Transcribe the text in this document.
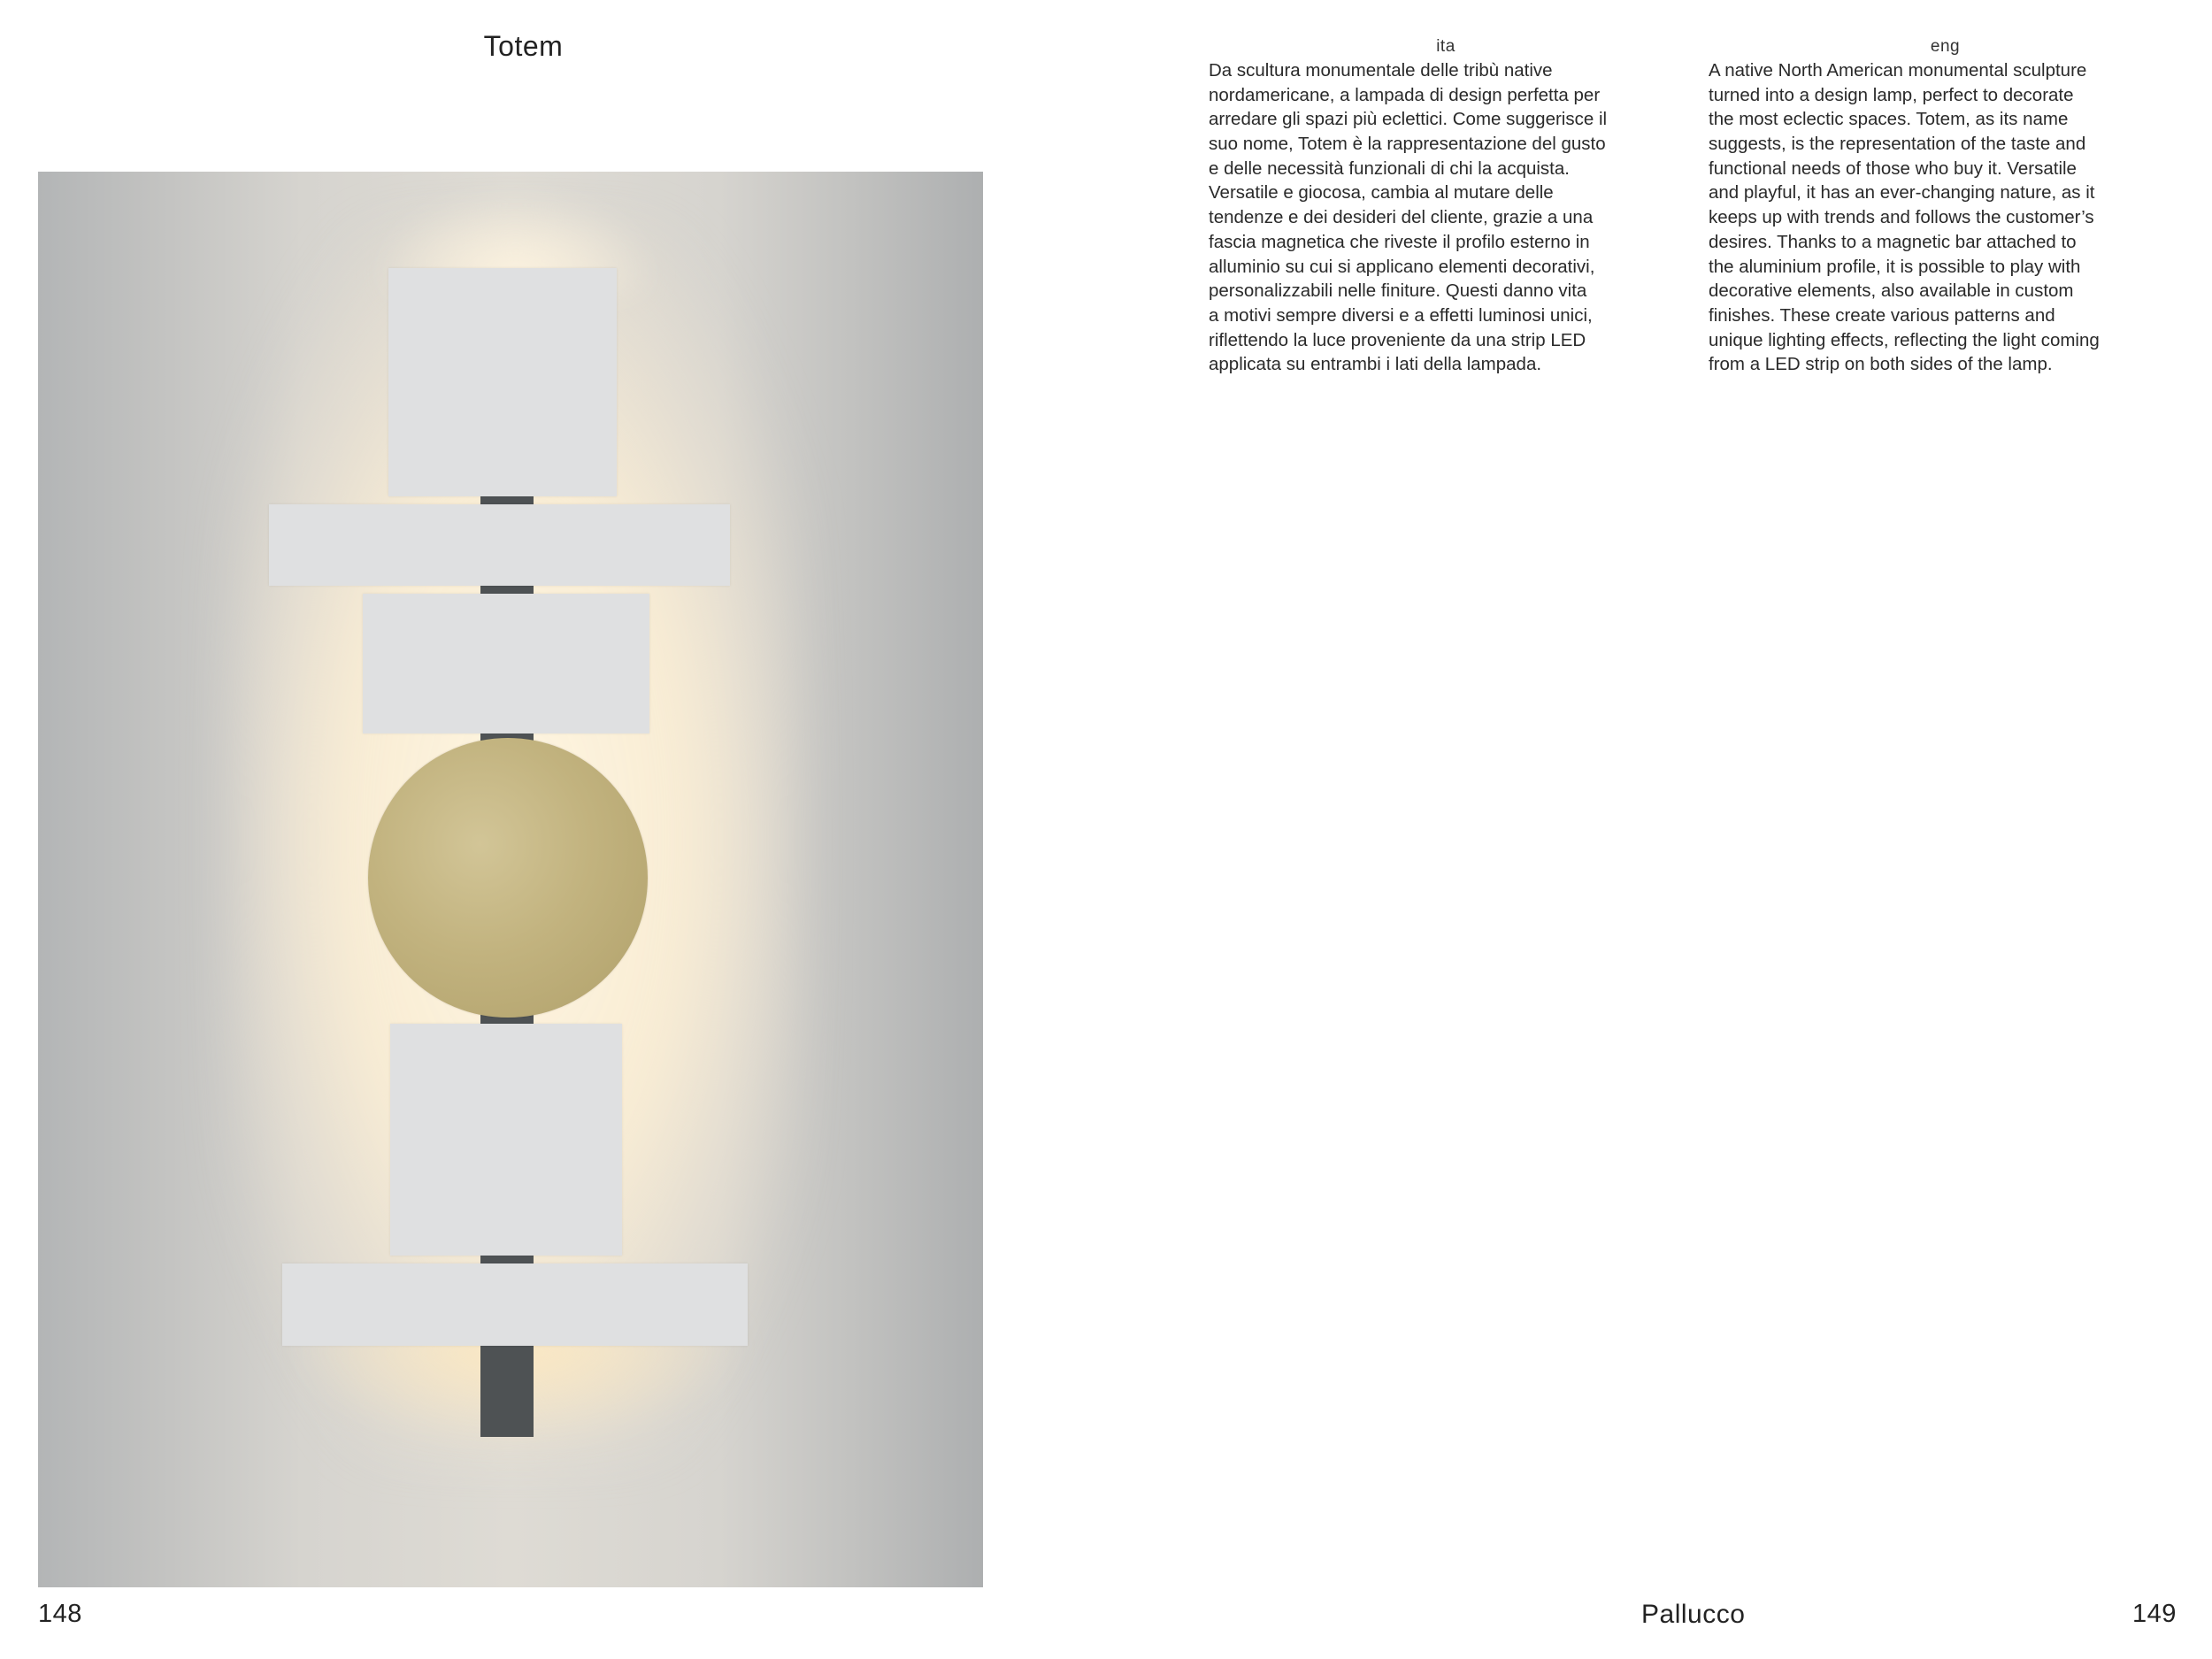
Totem	ita	eng
Da scultura monumentale delle tribù native
nordamericane, a lampada di design perfetta per
arredare gli spazi più eclettici. Come suggerisce il
suo nome, Totem è la rappresentazione del gusto
e delle necessità funzionali di chi la acquista.
Versatile e giocosa, cambia al mutare delle
tendenze e dei desideri del cliente, grazie a una
fascia magnetica che riveste il profilo esterno in
alluminio su cui si applicano elementi decorativi,
personalizzabili nelle finiture. Questi danno vita
a motivi sempre diversi e a effetti luminosi unici,
riflettendo la luce proveniente da una strip LED
applicata su entrambi i lati della lampada.
A native North American monumental sculpture
turned into a design lamp, perfect to decorate
the most eclectic spaces. Totem, as its name
suggests, is the representation of the taste and
functional needs of those who buy it. Versatile
and playful, it has an ever-changing nature, as it
keeps up with trends and follows the customer’s
desires. Thanks to a magnetic bar attached to
the aluminium profile, it is possible to play with
decorative elements, also available in custom
finishes. These create various patterns and
unique lighting effects, reflecting the light coming
from a LED strip on both sides of the lamp.
148	Pallucco	149
